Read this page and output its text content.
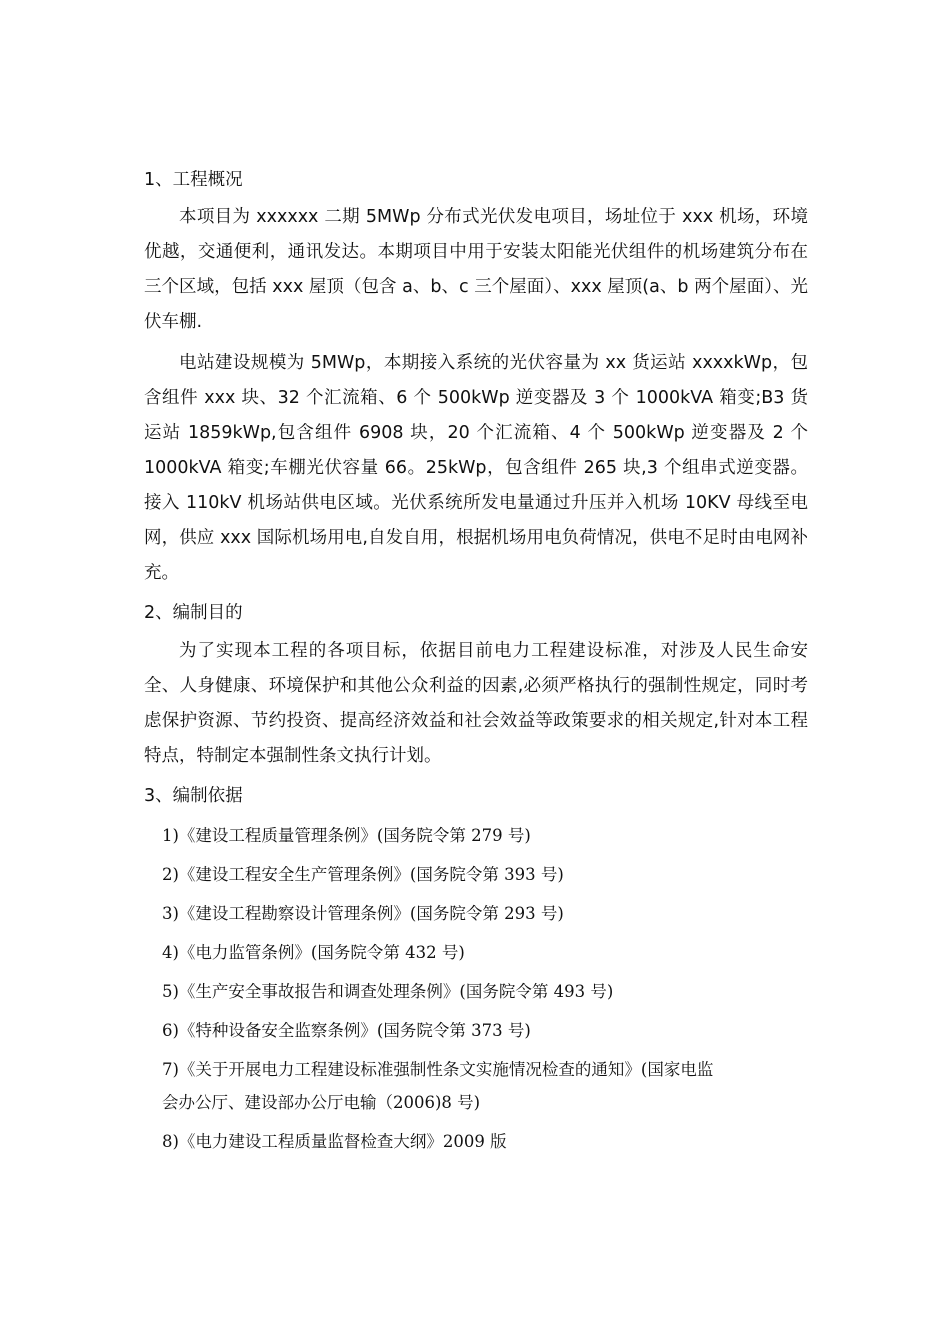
1、工程概况

本项目为 xxxxxx 二期 5MWp 分布式光伏发电项目，场址位于 xxx 机场，环境优越，交通便利，通讯发达。本期项目中用于安装太阳能光伏组件的机场建筑分布在三个区域，包括 xxx 屋顶（包含 a、b、c 三个屋面）、xxx 屋顶(a、b 两个屋面）、光伏车棚.

电站建设规模为 5MWp，本期接入系统的光伏容量为 xx 货运站 xxxxkWp，包含组件 xxx 块、32 个汇流箱、6 个 500kWp 逆变器及 3 个 1000kVA 箱变;B3 货运站 1859kWp,包含组件 6908 块，20 个汇流箱、4 个 500kWp 逆变器及 2 个 1000kVA 箱变;车棚光伏容量 66。25kWp，包含组件 265 块,3 个组串式逆变器。接入 110kV 机场站供电区域。光伏系统所发电量通过升压并入机场 10KV 母线至电网，供应 xxx 国际机场用电,自发自用，根据机场用电负荷情况，供电不足时由电网补充。

2、编制目的

为了实现本工程的各项目标，依据目前电力工程建设标准，对涉及人民生命安全、人身健康、环境保护和其他公众利益的因素,必须严格执行的强制性规定，同时考虑保护资源、节约投资、提高经济效益和社会效益等政策要求的相关规定,针对本工程特点，特制定本强制性条文执行计划。

3、编制依据
1)《建设工程质量管理条例》(国务院令第 279 号)
2)《建设工程安全生产管理条例》(国务院令第 393 号)
3)《建设工程勘察设计管理条例》(国务院令第 293 号)
4)《电力监管条例》(国务院令第 432 号)
5)《生产安全事故报告和调查处理条例》(国务院令第 493 号)
6)《特种设备安全监察条例》(国务院令第 373 号)
7)《关于开展电力工程建设标准强制性条文实施情况检查的通知》(国家电监
会办公厅、建设部办公厅电输（2006)8 号)
8)《电力建设工程质量监督检查大纲》2009 版
